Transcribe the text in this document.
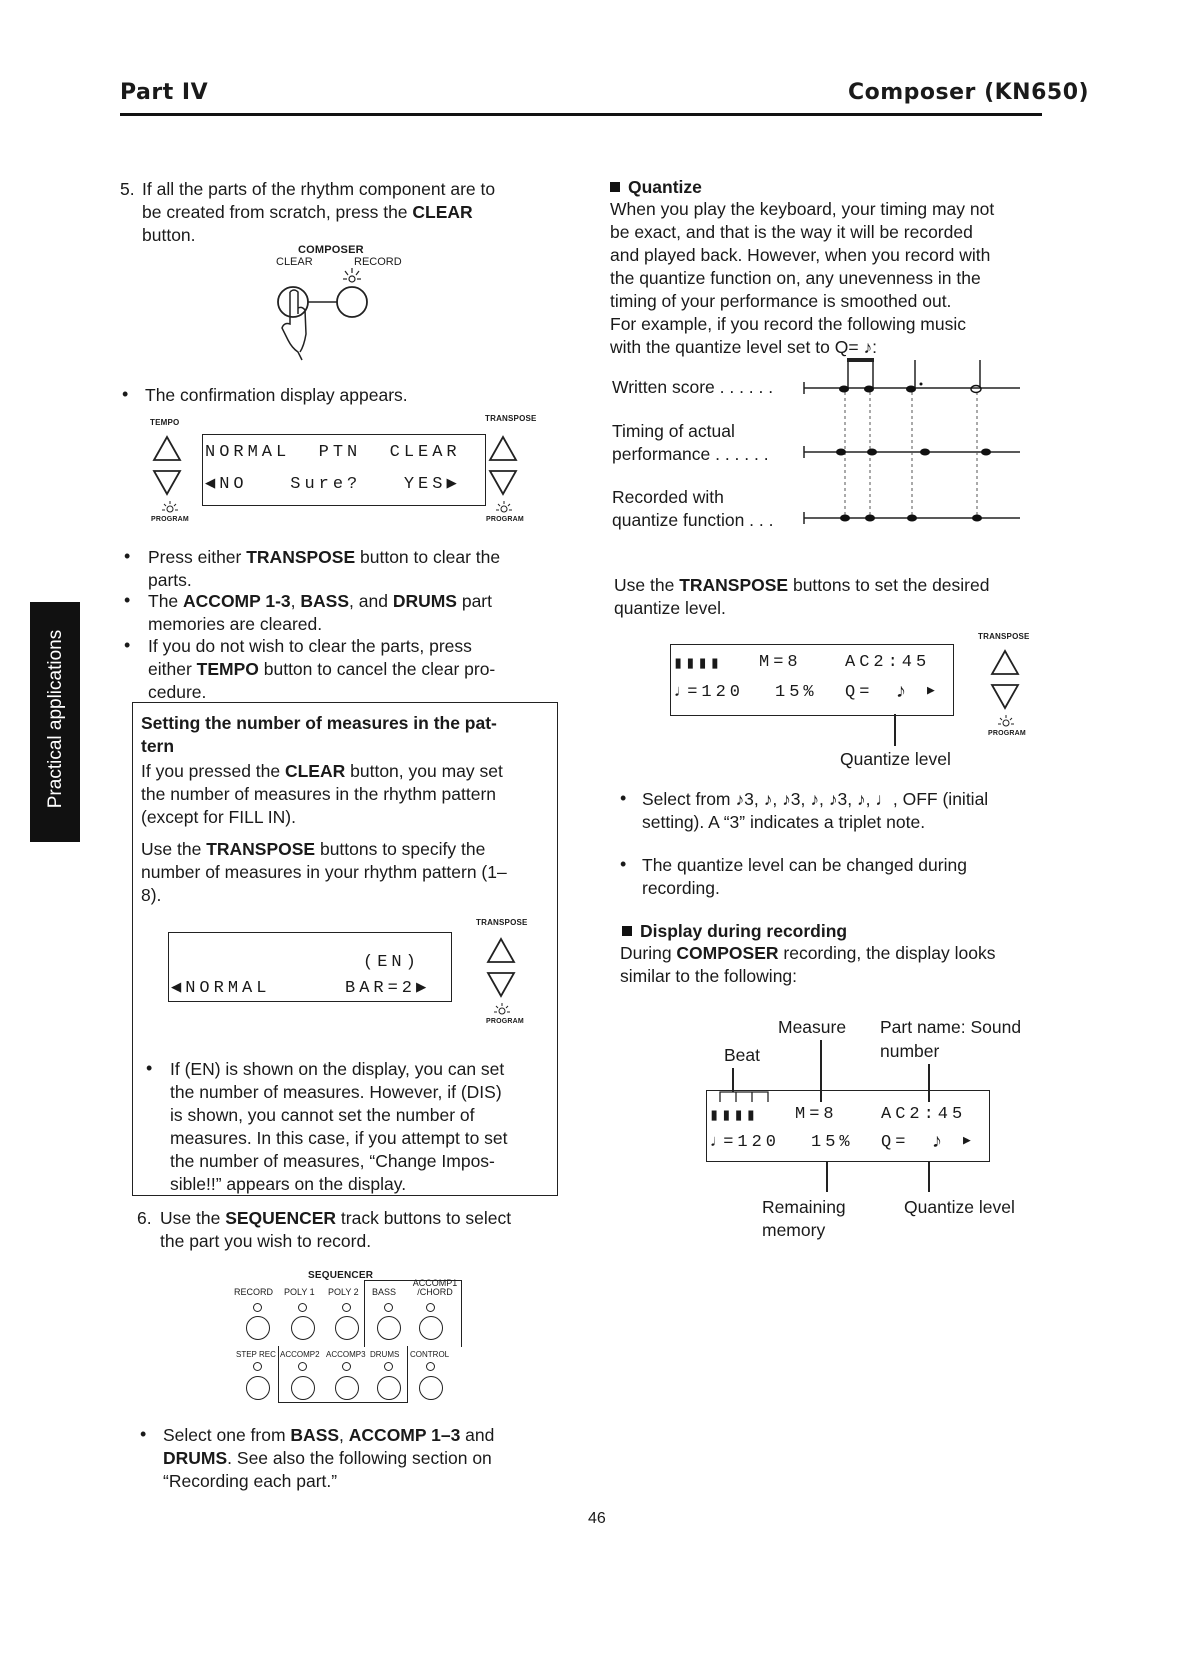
Part IV	Composer (KN650)
Practical applications
5. If all the parts of the rhythm component are to
be created from scratch, press the CLEAR
button.
COMPOSER
CLEAR	RECORD
• The confirmation display appears.
TEMPO	TRANSPOSE
PROGRAM
NORMAL  PTN  CLEAR
◀NO   Sure?   YES▶
PROGRAM
• Press either TRANSPOSE button to clear the
parts.
• The ACCOMP 1-3, BASS, and DRUMS part
memories are cleared.
• If you do not wish to clear the parts, press
either TEMPO button to cancel the clear pro-
cedure.
Setting the number of measures in the pat-
tern
If you pressed the CLEAR button, you may set
the number of measures in the rhythm pattern
(except for FILL IN).
Use the TRANSPOSE buttons to specify the
number of measures in your rhythm pattern (1–
8).
TRANSPOSE
(EN)
◀NORMAL	BAR=2▶
PROGRAM
• If (EN) is shown on the display, you can set
the number of measures. However, if (DIS)
is shown, you cannot set the number of
measures. In this case, if you attempt to set
the number of measures, “Change Impos-
sible!!” appears on the display.
6. Use the SEQUENCER track buttons to select
the part you wish to record.
SEQUENCER
RECORD POLY 1 POLY 2 BASS
ACCOMP1 /CHORD
STEP REC ACCOMP2 ACCOMP3 DRUMS CONTROL
• Select one from BASS, ACCOMP 1–3 and
DRUMS. See also the following section on
“Recording each part.”
46
Quantize
When you play the keyboard, your timing may not
be exact, and that is the way it will be recorded
and played back. However, when you record with
the quantize function on, any unevenness in the
timing of your performance is smoothed out.
For example, if you record the following music
with the quantize level set to Q= ♪:
Written score . . . . . .
Timing of actual
performance . . . . . .
Recorded with
quantize function . . .
Use the TRANSPOSE buttons to set the desired
quantize level.
TRANSPOSE
▮▮▮▮ M=8	AC2:45
♩=120 15% Q= ♪ ▶
PROGRAM
Quantize level
• Select from ♪3, ♪, ♪3, ♪, ♪3, ♪, ♩, OFF (initial
setting). A “3” indicates a triplet note.
• The quantize level can be changed during
recording.
Display during recording
During COMPOSER recording, the display looks
similar to the following:
Measure Part name: Sound
number
Beat
▮▮▮▮ M=8	AC2:45
♩=120 15% Q= ♪ ▶
Remaining
memory
Quantize level
